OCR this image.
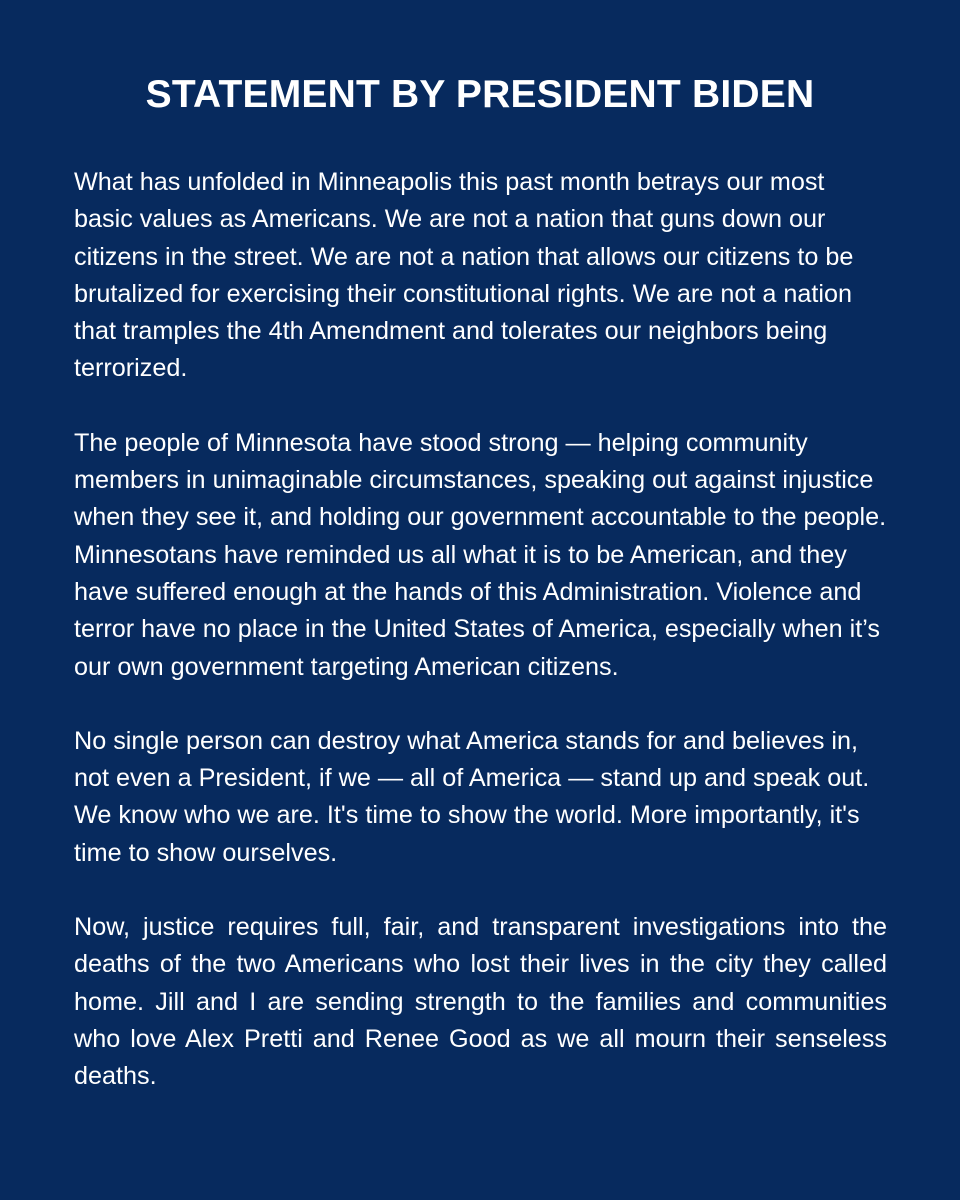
STATEMENT BY PRESIDENT BIDEN

What has unfolded in Minneapolis this past month betrays our most basic values as Americans. We are not a nation that guns down our citizens in the street. We are not a nation that allows our citizens to be brutalized for exercising their constitutional rights. We are not a nation that tramples the 4th Amendment and tolerates our neighbors being terrorized.

The people of Minnesota have stood strong — helping community members in unimaginable circumstances, speaking out against injustice when they see it, and holding our government accountable to the people. Minnesotans have reminded us all what it is to be American, and they have suffered enough at the hands of this Administration. Violence and terror have no place in the United States of America, especially when it’s our own government targeting American citizens.

No single person can destroy what America stands for and believes in, not even a President, if we — all of America — stand up and speak out. We know who we are. It's time to show the world. More importantly, it's time to show ourselves.

Now, justice requires full, fair, and transparent investigations into the deaths of the two Americans who lost their lives in the city they called home. Jill and I are sending strength to the families and communities who love Alex Pretti and Renee Good as we all mourn their senseless deaths.
